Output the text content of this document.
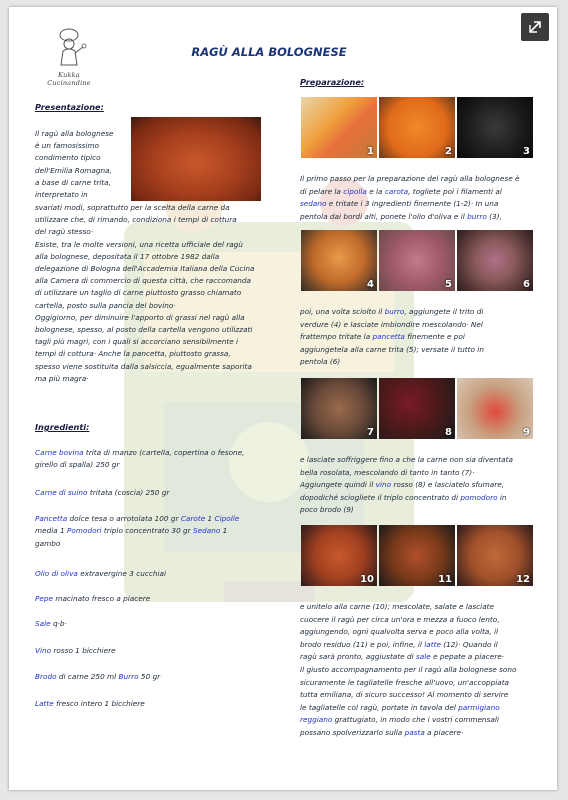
Kukka Cucinandine
RAGÙ ALLA BOLOGNESE
Presentazione:
Il ragù alla bolognese
è un famosissimo
condimento tipico
dell'Emilia Romagna,
a base di carne trita,
interpretato in
svariati modi, soprattutto per la scelta della carne da
utilizzare che, di rimando, condiziona i tempi di cottura
del ragù stesso·
Esiste, tra le molte versioni, una ricetta ufficiale del ragù
alla bolognese, depositata il 17 ottobre 1982 dalla
delegazione di Bologna dell'Accademia Italiana della Cucina
alla Camera di commercio di questa città, che raccomanda
di utilizzare un taglio di carne piuttosto grasso chiamato
cartella, posto sulla pancia del bovino·
Oggigiorno, per diminuire l'apporto di grassi nel ragù alla
bolognese, spesso, al posto della cartella vengono utilizzati
tagli più magri, con i quali si accorciano sensibilmente i
tempi di cottura· Anche la pancetta, piuttosto grassa,
spesso viene sostituita dalla salsiccia, egualmente saporita
ma più magra·
Ingredienti:
Carne bovina trita di manzo (cartella, copertina o fesone,
girello di spalla) 250 gr
Carne di suino tritata (coscia) 250 gr
Pancetta dolce tesa o arrotolata 100 gr Carote 1 Cipolle
media 1 Pomodori triplo concentrato 30 gr Sedano 1
gambo
Olio di oliva extravergine 3 cucchiai
Pepe macinato fresco a piacere
Sale q·b·
Vino rosso 1 bicchiere
Brodo di carne 250 ml Burro 50 gr
Latte fresco intero 1 bicchiere
Preparazione:
1	2	3
4	5	6
7	8	9
10	11	12
Il primo passo per la preparazione del ragù alla bolognese è
di pelare la cipolla e la carota, togliete poi i filamenti al
sedano e tritate i 3 ingredienti finemente (1-2)· In una
pentola dai bordi alti, ponete l'olio d'oliva e il burro (3),
poi, una volta sciolto il burro, aggiungete il trito di
verdure (4) e lasciate imbiondire mescolando· Nel
frattempo tritate la pancetta finemente e poi
aggiungetela alla carne trita (5); versate il tutto in
pentola (6)
e lasciate soffriggere fino a che la carne non sia diventata
bella rosolata, mescolando di tanto in tanto (7)·
Aggiungete quindi il vino rosso (8) e lasciatelo sfumare,
dopodiché sciogliete il triplo concentrato di pomodoro in
poco brodo (9)
e unitelo alla carne (10); mescolate, salate e lasciate
cuocere il ragù per circa un'ora e mezza a fuoco lento,
aggiungendo, ogni qualvolta serva e poco alla volta, il
brodo residuo (11) e poi, infine, il latte (12)· Quando il
ragù sarà pronto, aggiustate di sale e pepate a piacere·
Il giusto accompagnamento per il ragù alla bolognese sono
sicuramente le tagliatelle fresche all'uovo, un'accoppiata
tutta emiliana, di sicuro successo! Al momento di servire
le tagliatelle col ragù, portate in tavola del parmigiano
reggiano grattugiato, in modo che i vostri commensali
possano spolverizzarlo sulla pasta a piacere·
